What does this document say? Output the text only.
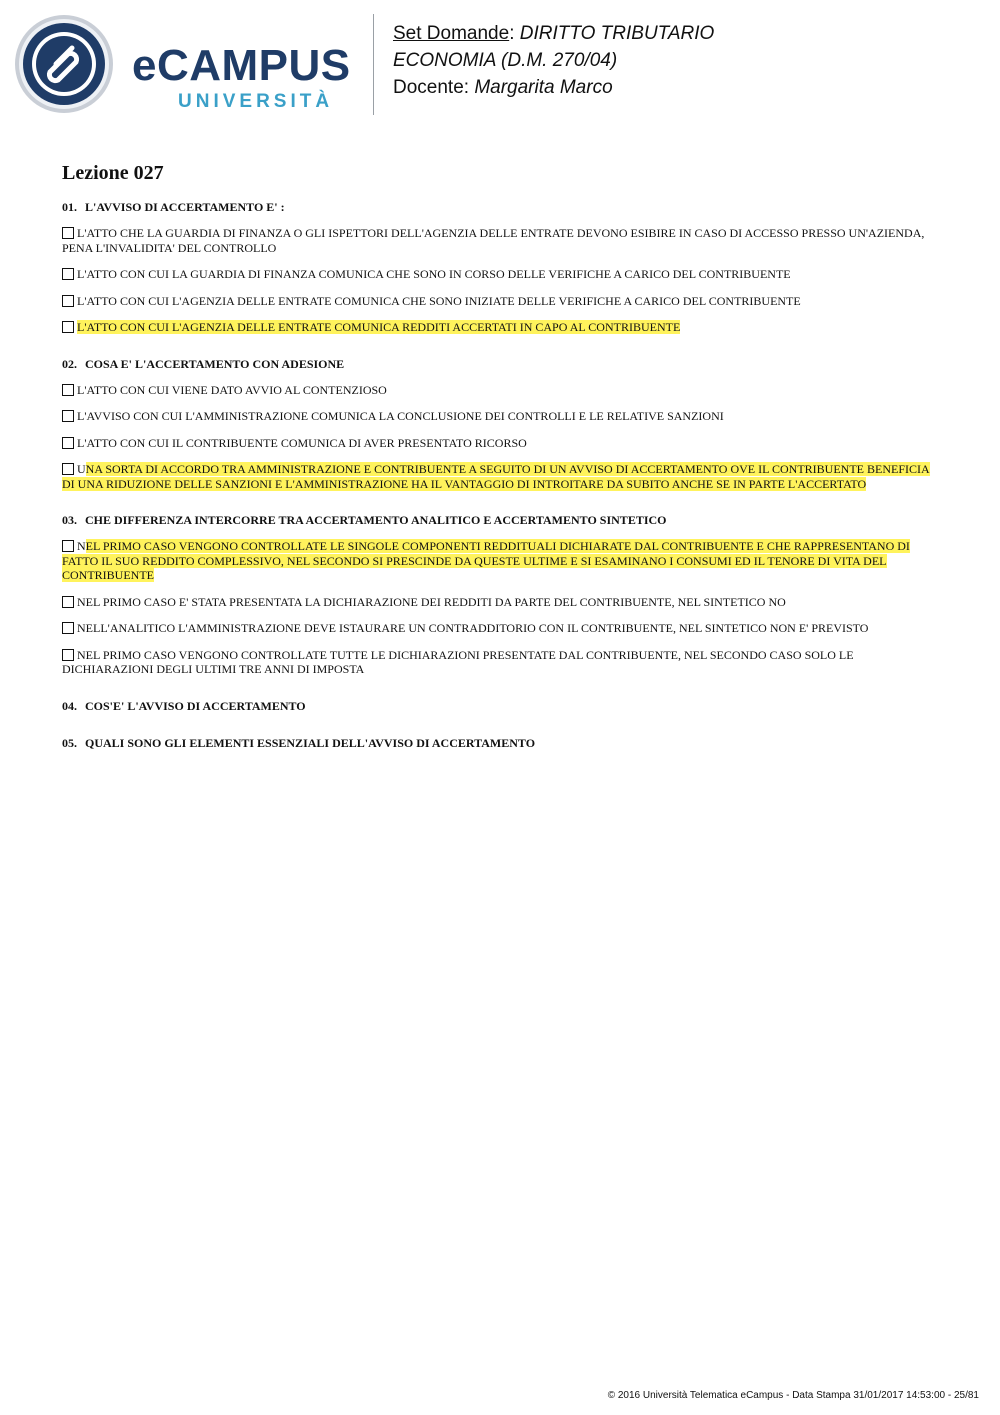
eCAMPUS
UNIVERSITÀ
Set Domande: DIRITTO TRIBUTARIO
ECONOMIA (D.M. 270/04)
Docente: Margarita Marco
Lezione 027
01. L'AVVISO DI ACCERTAMENTO E' :
L'ATTO CHE LA GUARDIA DI FINANZA O GLI ISPETTORI DELL'AGENZIA DELLE ENTRATE DEVONO ESIBIRE IN CASO DI ACCESSO PRESSO UN'AZIENDA, PENA L'INVALIDITA' DEL CONTROLLO
L'ATTO CON CUI LA GUARDIA DI FINANZA COMUNICA CHE SONO IN CORSO DELLE VERIFICHE A CARICO DEL CONTRIBUENTE
L'ATTO CON CUI L'AGENZIA DELLE ENTRATE COMUNICA CHE SONO INIZIATE DELLE VERIFICHE A CARICO DEL CONTRIBUENTE
L'ATTO CON CUI L'AGENZIA DELLE ENTRATE COMUNICA REDDITI ACCERTATI IN CAPO AL CONTRIBUENTE
02. COSA E' L'ACCERTAMENTO CON ADESIONE
L'ATTO CON CUI VIENE DATO AVVIO AL CONTENZIOSO
L'AVVISO CON CUI L'AMMINISTRAZIONE COMUNICA LA CONCLUSIONE DEI CONTROLLI E LE RELATIVE SANZIONI
L'ATTO CON CUI IL CONTRIBUENTE COMUNICA DI AVER PRESENTATO RICORSO
UNA SORTA DI ACCORDO TRA AMMINISTRAZIONE E CONTRIBUENTE A SEGUITO DI UN AVVISO DI ACCERTAMENTO OVE IL CONTRIBUENTE BENEFICIA DI UNA RIDUZIONE DELLE SANZIONI E L'AMMINISTRAZIONE HA IL VANTAGGIO DI INTROITARE DA SUBITO ANCHE SE IN PARTE L'ACCERTATO
03. CHE DIFFERENZA INTERCORRE TRA ACCERTAMENTO ANALITICO E ACCERTAMENTO SINTETICO
NEL PRIMO CASO VENGONO CONTROLLATE LE SINGOLE COMPONENTI REDDITUALI DICHIARATE DAL CONTRIBUENTE E CHE RAPPRESENTANO DI FATTO IL SUO REDDITO COMPLESSIVO, NEL SECONDO SI PRESCINDE DA QUESTE ULTIME E SI ESAMINANO I CONSUMI ED IL TENORE DI VITA DEL CONTRIBUENTE
NEL PRIMO CASO E' STATA PRESENTATA LA DICHIARAZIONE DEI REDDITI DA PARTE DEL CONTRIBUENTE, NEL SINTETICO NO
NELL'ANALITICO L'AMMINISTRAZIONE DEVE ISTAURARE UN CONTRADDITORIO CON IL CONTRIBUENTE, NEL SINTETICO NON E' PREVISTO
NEL PRIMO CASO VENGONO CONTROLLATE TUTTE LE DICHIARAZIONI PRESENTATE DAL CONTRIBUENTE, NEL SECONDO CASO SOLO LE DICHIARAZIONI DEGLI ULTIMI TRE ANNI DI IMPOSTA
04. COS'E' L'AVVISO DI ACCERTAMENTO
05. QUALI SONO GLI ELEMENTI ESSENZIALI DELL'AVVISO DI ACCERTAMENTO
© 2016 Università Telematica eCampus - Data Stampa 31/01/2017 14:53:00 - 25/81
